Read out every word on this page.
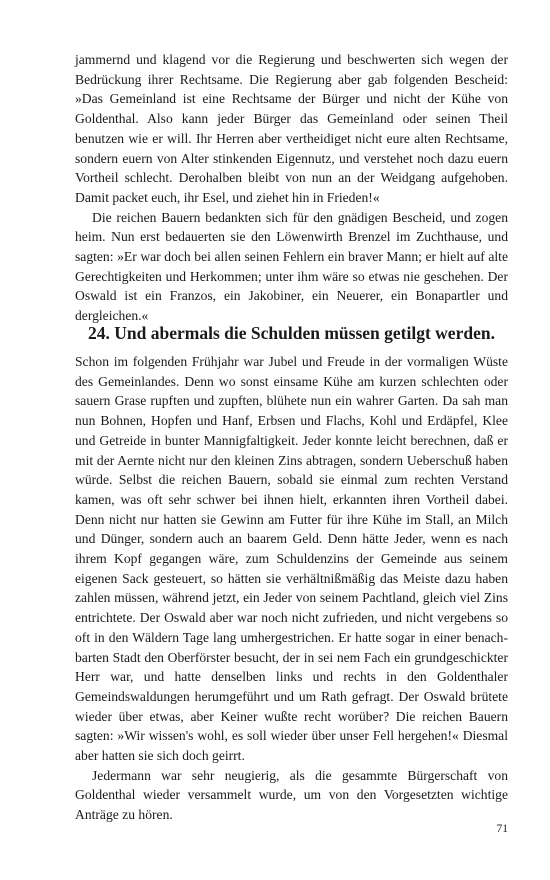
jammernd und klagend vor die Regierung und beschwerten sich wegen der Bedrückung ihrer Rechtsame. Die Regierung aber gab folgenden Bescheid: »Das Gemeinland ist eine Rechtsame der Bürger und nicht der Kühe von Goldenthal. Also kann jeder Bürger das Gemeinland oder seinen Theil benutzen wie er will. Ihr Herren aber vertheidiget nicht eure alten Rechtsame, sondern euern von Alter stinkenden Eigennutz, und verstehet noch dazu euern Vortheil schlecht. Derohalben bleibt von nun an der Weidgang aufgehoben. Damit packet euch, ihr Esel, und ziehet hin in Frieden!«

Die reichen Bauern bedankten sich für den gnädigen Bescheid, und zogen heim. Nun erst bedauerten sie den Löwenwirth Brenzel im Zuchthause, und sagten: »Er war doch bei allen seinen Fehlern ein braver Mann; er hielt auf alte Gerechtigkeiten und Herkommen; unter ihm wäre so etwas nie geschehen. Der Oswald ist ein Franzos, ein Jakobiner, ein Neuerer, ein Bonapartler und dergleichen.«

24. Und abermals die Schulden müssen getilgt werden.

Schon im folgenden Frühjahr war Jubel und Freude in der vormaligen Wüste des Gemeinlandes. Denn wo sonst einsame Kühe am kurzen schlechten oder sauern Grase rupften und zupften, blühete nun ein wahrer Garten. Da sah man nun Bohnen, Hopfen und Hanf, Erbsen und Flachs, Kohl und Erdäpfel, Klee und Getreide in bunter Mannigfaltigkeit. Jeder konnte leicht berechnen, daß er mit der Aernte nicht nur den kleinen Zins abtragen, sondern Ueberschuß haben würde. Selbst die reichen Bauern, sobald sie einmal zum rechten Verstand kamen, was oft sehr schwer bei ihnen hielt, erkannten ihren Vortheil dabei. Denn nicht nur hatten sie Gewinn am Futter für ihre Kühe im Stall, an Milch und Dünger, sondern auch an baarem Geld. Denn hätte Jeder, wenn es nach ihrem Kopf gegangen wäre, zum Schuldenzins der Gemeinde aus seinem eigenen Sack gesteuert, so hätten sie verhältnißmäßig das Meiste dazu haben zahlen müssen, während jetzt, ein Jeder von seinem Pachtland, gleich viel Zins entrichtete. Der Oswald aber war noch nicht zufrieden, und nicht vergebens so oft in den Wäldern Tage lang umhergestrichen. Er hatte sogar in einer benachbarten Stadt den Oberförster besucht, der in sei nem Fach ein grundgeschickter Herr war, und hatte denselben links und rechts in den Goldenthaler Gemeindswaldungen herumgeführt und um Rath gefragt. Der Oswald brütete wieder über etwas, aber Keiner wußte recht worüber? Die reichen Bauern sagten: »Wir wissen's wohl, es soll wieder über unser Fell hergehen!« Diesmal aber hatten sie sich doch geirrt.

Jedermann war sehr neugierig, als die gesammte Bürgerschaft von Goldenthal wieder versammelt wurde, um von den Vorgesetzten wichtige Anträge zu hören.

71
